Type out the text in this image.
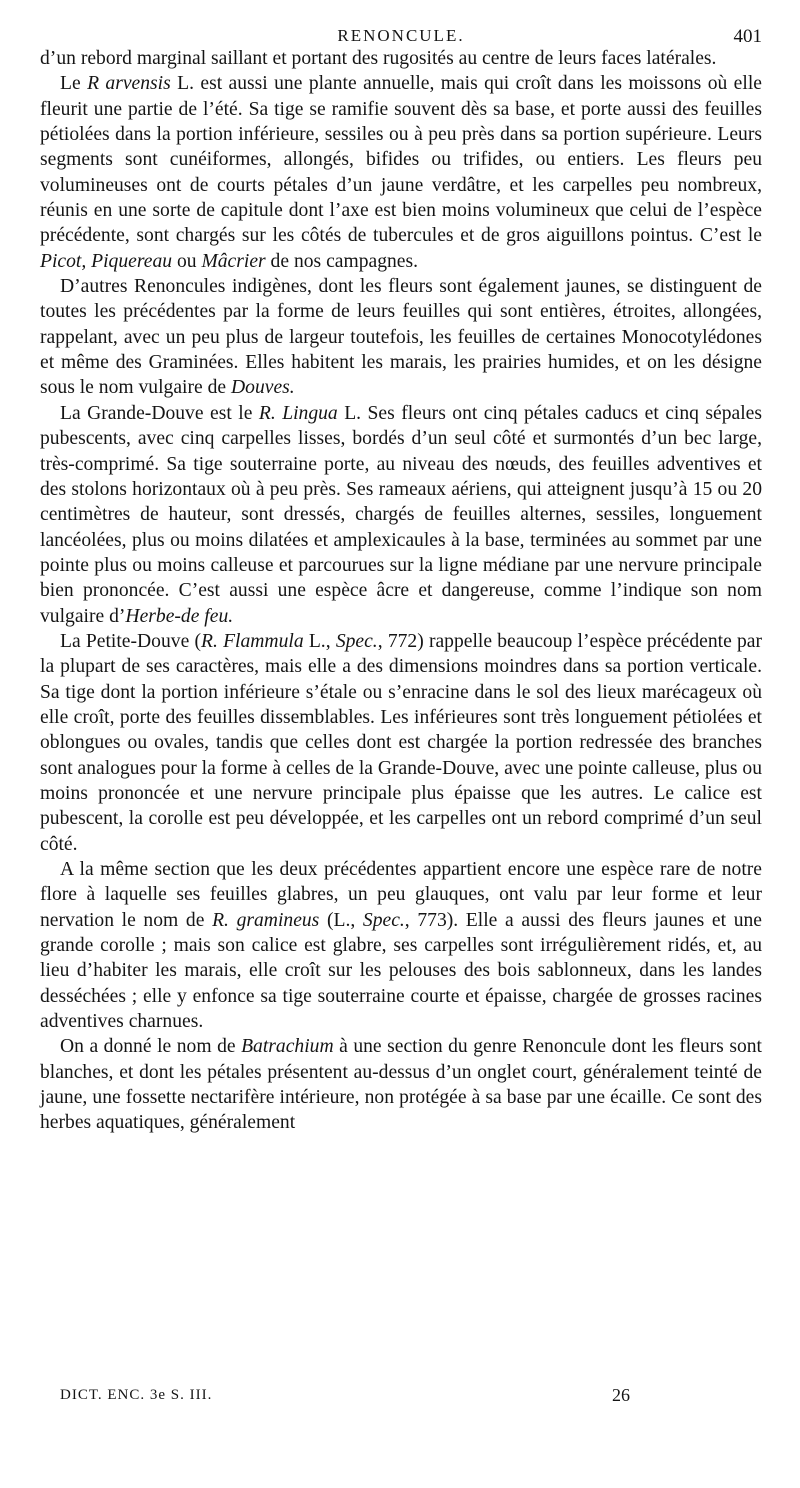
RENONCULE.	401

d’un rebord marginal saillant et portant des rugosités au centre de leurs faces latérales.

Le R arvensis L. est aussi une plante annuelle, mais qui croît dans les moissons où elle fleurit une partie de l’été. Sa tige se ramifie souvent dès sa base, et porte aussi des feuilles pétiolées dans la portion inférieure, sessiles ou à peu près dans sa portion supérieure. Leurs segments sont cunéiformes, allongés, bifides ou trifides, ou entiers. Les fleurs peu volumineuses ont de courts pétales d’un jaune verdâtre, et les carpelles peu nombreux, réunis en une sorte de capitule dont l’axe est bien moins volumineux que celui de l’espèce précédente, sont chargés sur les côtés de tubercules et de gros aiguillons pointus. C’est le Picot, Piquereau ou Mâcrier de nos campagnes.

D’autres Renoncules indigènes, dont les fleurs sont également jaunes, se distinguent de toutes les précédentes par la forme de leurs feuilles qui sont entières, étroites, allongées, rappelant, avec un peu plus de largeur toutefois, les feuilles de certaines Monocotylédones et même des Graminées. Elles habitent les marais, les prairies humides, et on les désigne sous le nom vulgaire de Douves.

La Grande-Douve est le R. Lingua L. Ses fleurs ont cinq pétales caducs et cinq sépales pubescents, avec cinq carpelles lisses, bordés d’un seul côté et surmontés d’un bec large, très-comprimé. Sa tige souterraine porte, au niveau des nœuds, des feuilles adventives et des stolons horizontaux où à peu près. Ses rameaux aériens, qui atteignent jusqu’à 15 ou 20 centimètres de hauteur, sont dressés, chargés de feuilles alternes, sessiles, longuement lancéolées, plus ou moins dilatées et amplexicaules à la base, terminées au sommet par une pointe plus ou moins calleuse et parcourues sur la ligne médiane par une nervure principale bien prononcée. C’est aussi une espèce âcre et dangereuse, comme l’indique son nom vulgaire d’Herbe-de feu.

La Petite-Douve (R. Flammula L., Spec., 772) rappelle beaucoup l’espèce précédente par la plupart de ses caractères, mais elle a des dimensions moindres dans sa portion verticale. Sa tige dont la portion inférieure s’étale ou s’enracine dans le sol des lieux marécageux où elle croît, porte des feuilles dissemblables. Les inférieures sont très longuement pétiolées et oblongues ou ovales, tandis que celles dont est chargée la portion redressée des branches sont analogues pour la forme à celles de la Grande-Douve, avec une pointe calleuse, plus ou moins prononcée et une nervure principale plus épaisse que les autres. Le calice est pubescent, la corolle est peu développée, et les carpelles ont un rebord comprimé d’un seul côté.

A la même section que les deux précédentes appartient encore une espèce rare de notre flore à laquelle ses feuilles glabres, un peu glauques, ont valu par leur forme et leur nervation le nom de R. gramineus (L., Spec., 773). Elle a aussi des fleurs jaunes et une grande corolle ; mais son calice est glabre, ses carpelles sont irrégulièrement ridés, et, au lieu d’habiter les marais, elle croît sur les pelouses des bois sablonneux, dans les landes desséchées ; elle y enfonce sa tige souterraine courte et épaisse, chargée de grosses racines adventives charnues.

On a donné le nom de Batrachium à une section du genre Renoncule dont les fleurs sont blanches, et dont les pétales présentent au-dessus d’un onglet court, généralement teinté de jaune, une fossette nectarifère intérieure, non protégée à sa base par une écaille. Ce sont des herbes aquatiques, généralement

DICT. ENC. 3e S. III.	26
